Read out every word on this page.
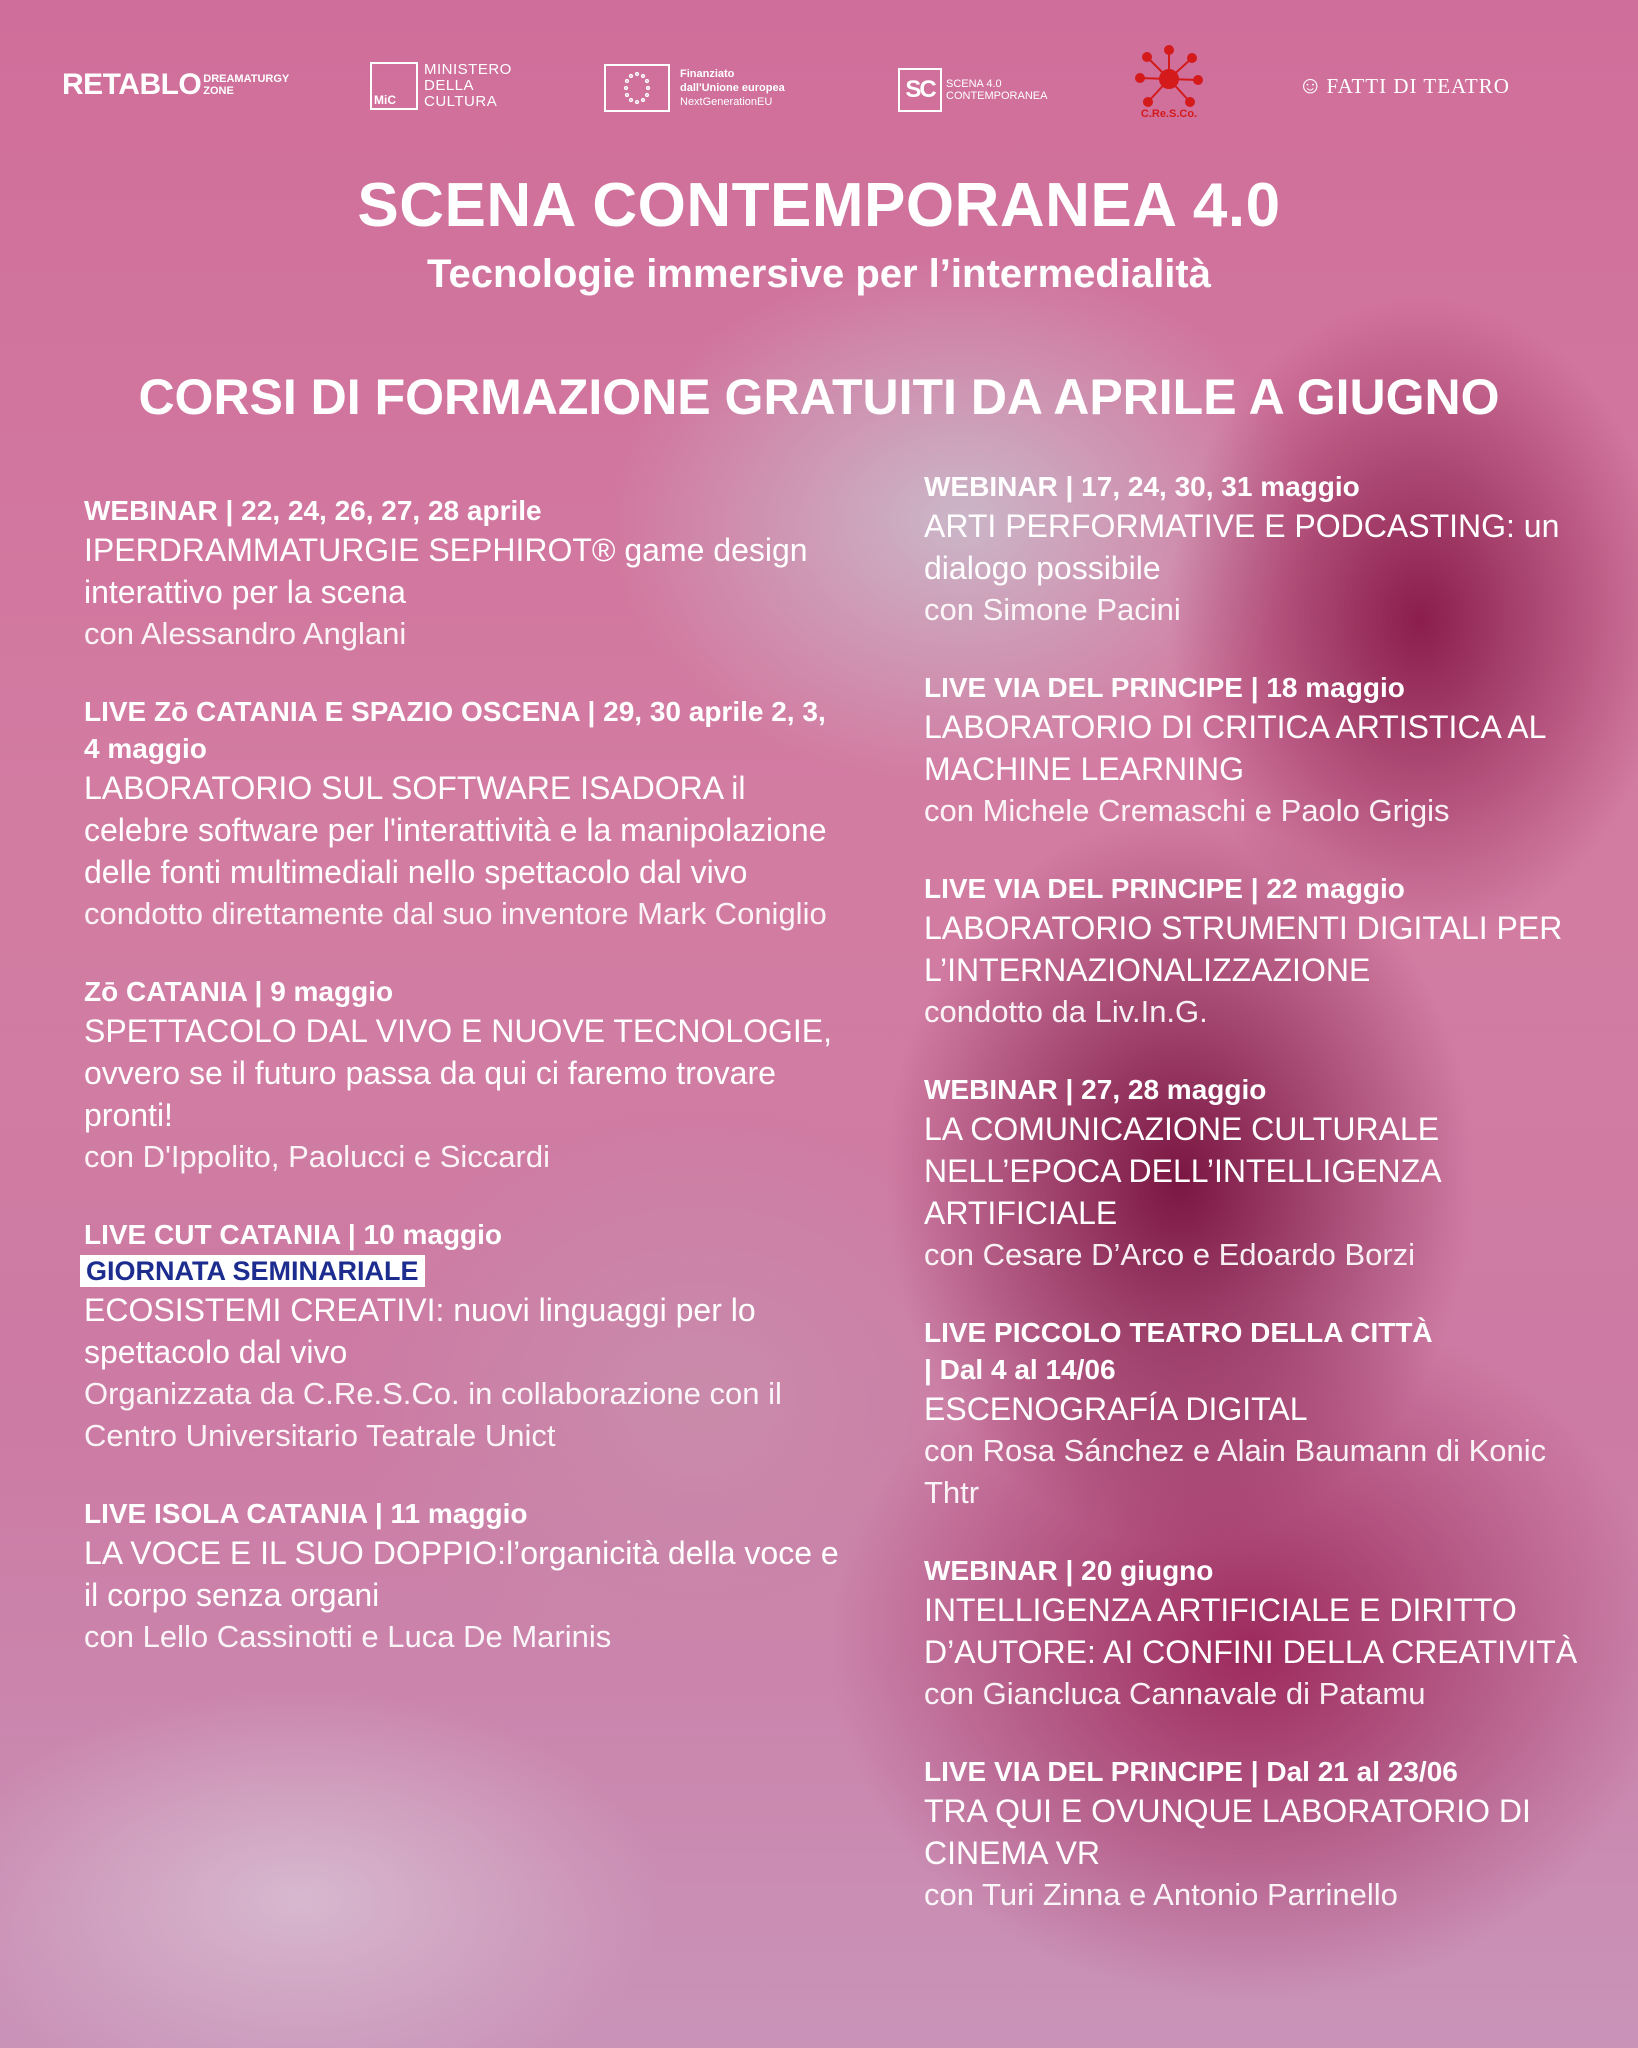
RETABLO DREAMATURGY
ZONE
MiC
MINISTERO
DELLA
CULTURA
Finanziato
dall'Unione europea
NextGenerationEU	SC SCENA 4.0
CONTEMPORANEA
C.Re.S.Co.
☺ FATTI DI TEATRO
SCENA CONTEMPORANEA 4.0
Tecnologie immersive per l’intermedialità
CORSI DI FORMAZIONE GRATUITI DA APRILE A GIUGNO
WEBINAR | 22, 24, 26, 27, 28 aprile
IPERDRAMMATURGIE SEPHIROT® game design interattivo per la scena
con Alessandro Anglani
LIVE Zō CATANIA E SPAZIO OSCENA | 29, 30 aprile 2, 3, 4 maggio
LABORATORIO SUL SOFTWARE ISADORA il celebre software per l'interattività e la manipolazione delle fonti multimediali nello spettacolo dal vivo
condotto direttamente dal suo inventore Mark Coniglio
Zō CATANIA | 9 maggio
SPETTACOLO DAL VIVO E NUOVE TECNOLOGIE, ovvero se il futuro passa da qui ci faremo trovare pronti!
con D'Ippolito, Paolucci e Siccardi
LIVE CUT CATANIA | 10 maggio
GIORNATA SEMINARIALE
ECOSISTEMI CREATIVI: nuovi linguaggi per lo spettacolo dal vivo
Organizzata da C.Re.S.Co. in collaborazione con il Centro Universitario Teatrale Unict
LIVE ISOLA CATANIA | 11 maggio
LA VOCE E IL SUO DOPPIO:l’organicità della voce e il corpo senza organi
con Lello Cassinotti e Luca De Marinis
WEBINAR | 17, 24, 30, 31 maggio
ARTI PERFORMATIVE E PODCASTING: un dialogo possibile
con Simone Pacini
LIVE VIA DEL PRINCIPE | 18 maggio
LABORATORIO DI CRITICA ARTISTICA AL MACHINE LEARNING
con Michele Cremaschi e Paolo Grigis
LIVE VIA DEL PRINCIPE | 22 maggio
LABORATORIO STRUMENTI DIGITALI PER L’INTERNAZIONALIZZAZIONE
condotto da Liv.In.G.
WEBINAR | 27, 28 maggio
LA COMUNICAZIONE CULTURALE NELL’EPOCA DELL’INTELLIGENZA ARTIFICIALE
con Cesare D’Arco e Edoardo Borzi
LIVE PICCOLO TEATRO DELLA CITTÀ
| Dal 4 al 14/06
ESCENOGRAFÍA DIGITAL
con Rosa Sánchez e Alain Baumann di Konic Thtr
WEBINAR | 20 giugno
INTELLIGENZA ARTIFICIALE E DIRITTO D’AUTORE: AI CONFINI DELLA CREATIVITÀ
con Giancluca Cannavale di Patamu
LIVE VIA DEL PRINCIPE | Dal 21 al 23/06
TRA QUI E OVUNQUE LABORATORIO DI CINEMA VR
con Turi Zinna e Antonio Parrinello
